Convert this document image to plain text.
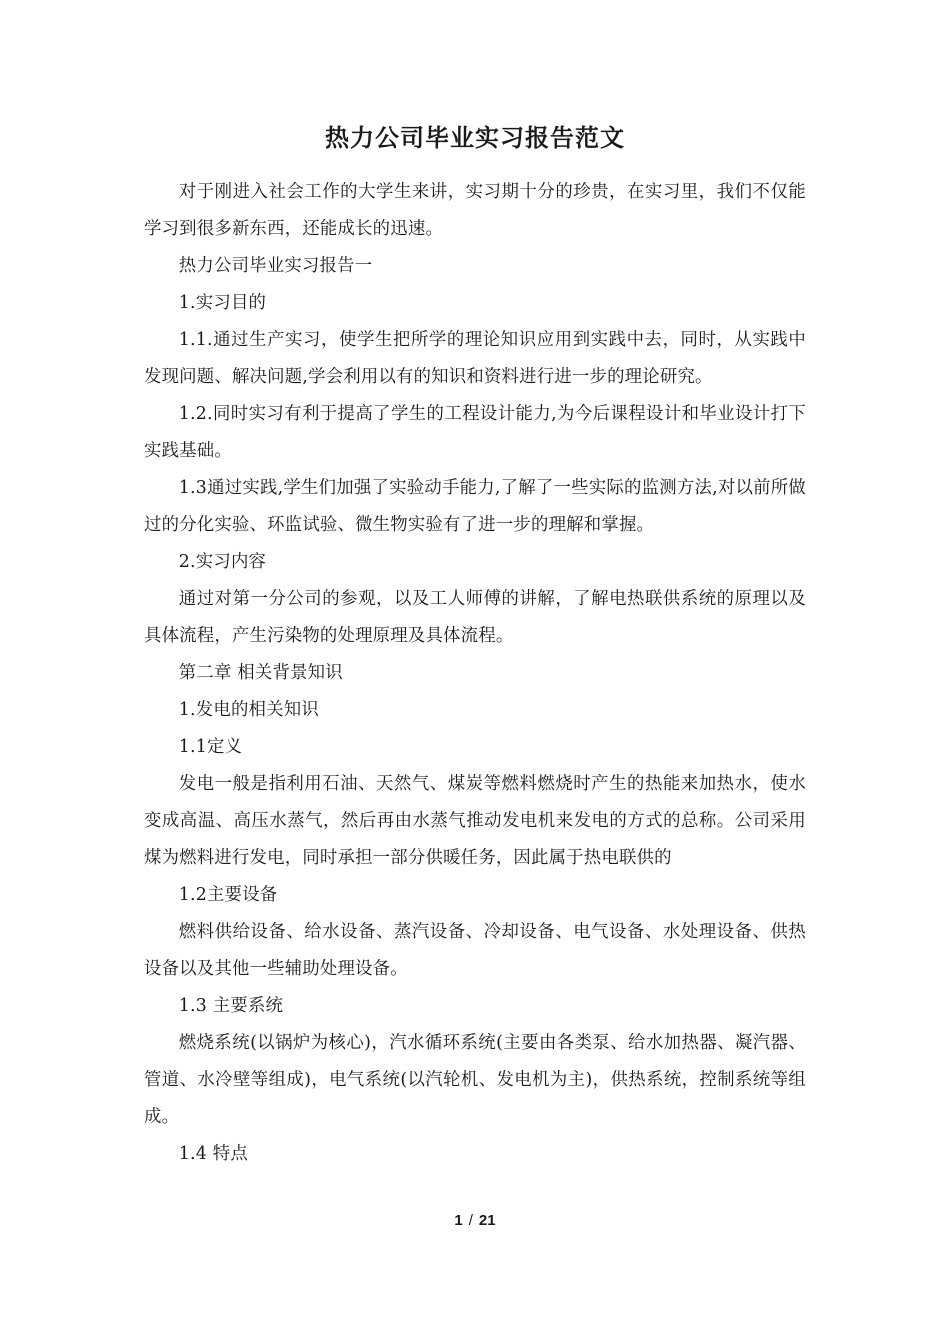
热力公司毕业实习报告范文

对于刚进入社会工作的大学生来讲，实习期十分的珍贵，在实习里，我们不仅能学习到很多新东西，还能成长的迅速。

热力公司毕业实习报告一

1.实习目的

1.1.通过生产实习，使学生把所学的理论知识应用到实践中去，同时，从实践中发现问题、解决问题,学会利用以有的知识和资料进行进一步的理论研究。

1.2.同时实习有利于提高了学生的工程设计能力,为今后课程设计和毕业设计打下实践基础。

1.3通过实践,学生们加强了实验动手能力,了解了一些实际的监测方法,对以前所做过的分化实验、环监试验、微生物实验有了进一步的理解和掌握。

2.实习内容

通过对第一分公司的参观，以及工人师傅的讲解，了解电热联供系统的原理以及具体流程，产生污染物的处理原理及具体流程。

第二章 相关背景知识

1.发电的相关知识

1.1定义

发电一般是指利用石油、天然气、煤炭等燃料燃烧时产生的热能来加热水，使水变成高温、高压水蒸气，然后再由水蒸气推动发电机来发电的方式的总称。公司采用煤为燃料进行发电，同时承担一部分供暖任务，因此属于热电联供的

1.2主要设备

燃料供给设备、给水设备、蒸汽设备、冷却设备、电气设备、水处理设备、供热设备以及其他一些辅助处理设备。

1.3 主要系统

燃烧系统(以锅炉为核心)，汽水循环系统(主要由各类泵、给水加热器、凝汽器、管道、水冷壁等组成)，电气系统(以汽轮机、发电机为主)，供热系统，控制系统等组成。

1.4 特点

1 / 21
